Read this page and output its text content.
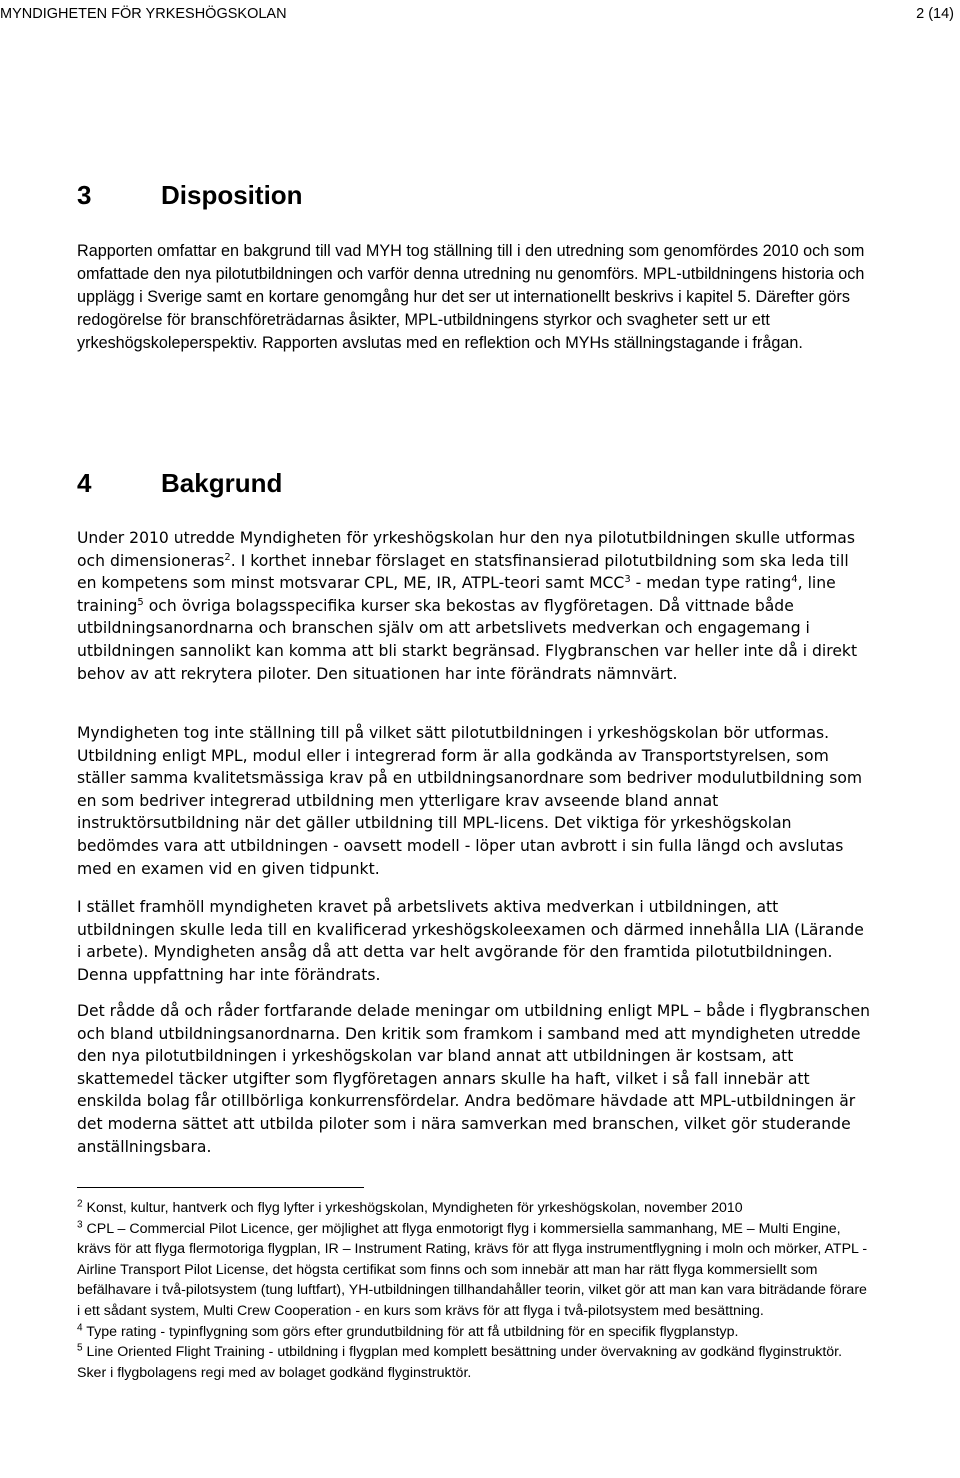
MYNDIGHETEN FÖR YRKESHÖGSKOLAN	2 (14)
3	Disposition

Rapporten omfattar en bakgrund till vad MYH tog ställning till i den utredning som genomfördes 2010 och som omfattade den nya pilotutbildningen och varför denna utredning nu genomförs. MPL-utbildningens historia och upplägg i Sverige samt en kortare genomgång hur det ser ut internationellt beskrivs i kapitel 5. Därefter görs redogörelse för branschföreträdarnas åsikter, MPL-utbildningens styrkor och svagheter sett ur ett yrkeshögskoleperspektiv. Rapporten avslutas med en reflektion och MYHs ställningstagande i frågan.

4	Bakgrund

Under 2010 utredde Myndigheten för yrkeshögskolan hur den nya pilotutbildningen skulle utformas och dimensioneras$^2$. I korthet innebar förslaget en statsfinansierad pilotutbildning som ska leda till en kompetens som minst motsvarar CPL, ME, IR, ATPL-teori samt MCC$^3$ - medan type rating$^4$, line training$^5$ och övriga bolagsspecifika kurser ska bekostas av flygföretagen. Då vittnade både utbildningsanordnarna och branschen själv om att arbetslivets medverkan och engagemang i utbildningen sannolikt kan komma att bli starkt begränsad. Flygbranschen var heller inte då i direkt behov av att rekrytera piloter. Den situationen har inte förändrats nämnvärt.

Myndigheten tog inte ställning till på vilket sätt pilotutbildningen i yrkeshögskolan bör utformas. Utbildning enligt MPL, modul eller i integrerad form är alla godkända av Transportstyrelsen, som ställer samma kvalitetsmässiga krav på en utbildningsanordnare som bedriver modulutbildning som en som bedriver integrerad utbildning men ytterligare krav avseende bland annat instruktörsutbildning när det gäller utbildning till MPL-licens. Det viktiga för yrkeshögskolan bedömdes vara att utbildningen - oavsett modell - löper utan avbrott i sin fulla längd och avslutas med en examen vid en given tidpunkt.

I stället framhöll myndigheten kravet på arbetslivets aktiva medverkan i utbildningen, att utbildningen skulle leda till en kvalificerad yrkeshögskoleexamen och därmed innehålla LIA (Lärande i arbete). Myndigheten ansåg då att detta var helt avgörande för den framtida pilotutbildningen. Denna uppfattning har inte förändrats.

Det rådde då och råder fortfarande delade meningar om utbildning enligt MPL – både i flygbranschen och bland utbildningsanordnarna. Den kritik som framkom i samband med att myndigheten utredde den nya pilotutbildningen i yrkeshögskolan var bland annat att utbildningen är kostsam, att skattemedel täcker utgifter som flygföretagen annars skulle ha haft, vilket i så fall innebär att enskilda bolag får otillbörliga konkurrensfördelar. Andra bedömare hävdade att MPL-utbildningen är det moderna sättet att utbilda piloter som i nära samverkan med branschen, vilket gör studerande anställningsbara.

$^2$ Konst, kultur, hantverk och flyg lyfter i yrkeshögskolan, Myndigheten för yrkeshögskolan, november 2010

$^3$ CPL – Commercial Pilot Licence, ger möjlighet att flyga enmotorigt flyg i kommersiella sammanhang, ME – Multi Engine, krävs för att flyga flermotoriga flygplan, IR – Instrument Rating, krävs för att flyga instrumentflygning i moln och mörker, ATPL - Airline Transport Pilot License, det högsta certifikat som finns och som innebär att man har rätt flyga kommersiellt som befälhavare i två-pilotsystem (tung luftfart), YH-utbildningen tillhandahåller teorin, vilket gör att man kan vara biträdande förare i ett sådant system, Multi Crew Cooperation - en kurs som krävs för att flyga i två-pilotsystem med besättning.

$^4$ Type rating - typinflygning som görs efter grundutbildning för att få utbildning för en specifik flygplanstyp.

$^5$ Line Oriented Flight Training - utbildning i flygplan med komplett besättning under övervakning av godkänd flyginstruktör. Sker i flygbolagens regi med av bolaget godkänd flyginstruktör.
